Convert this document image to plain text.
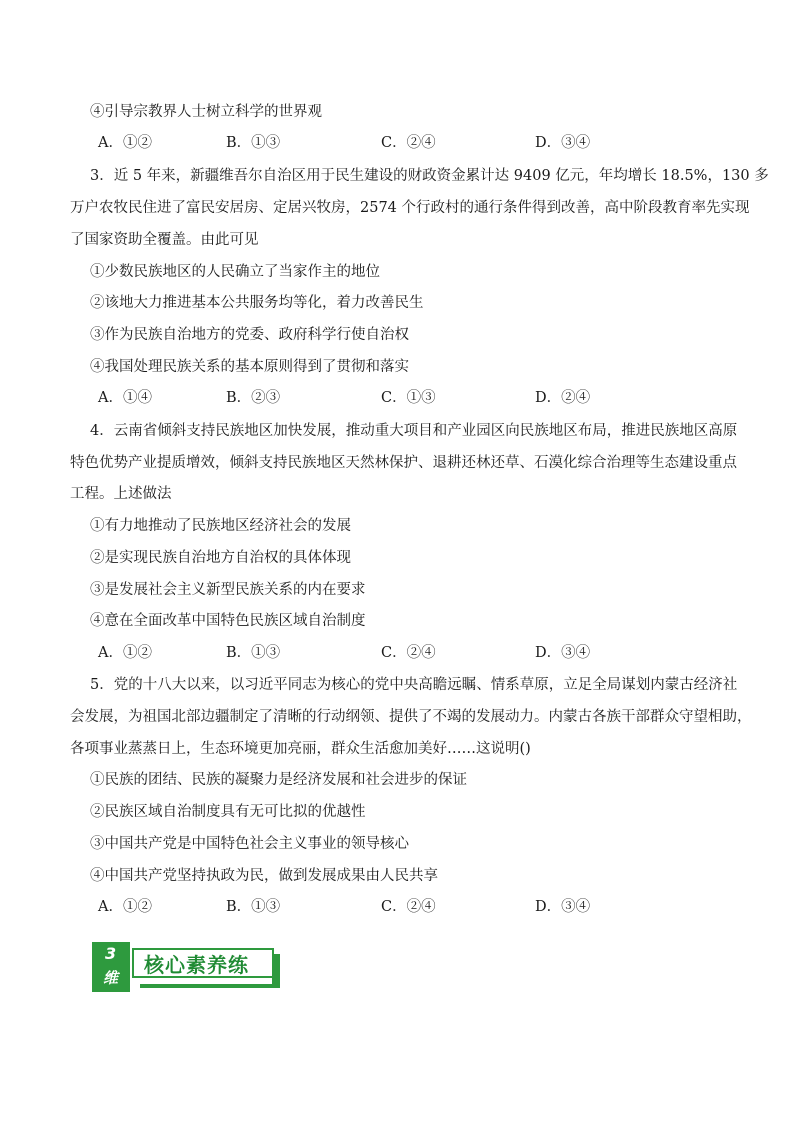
④引导宗教界人士树立科学的世界观
A．①②	B．①③	C．②④	D．③④
3．近 5 年来，新疆维吾尔自治区用于民生建设的财政资金累计达 9409 亿元，年均增长 18.5%，130 多
万户农牧民住进了富民安居房、定居兴牧房，2574 个行政村的通行条件得到改善，高中阶段教育率先实现
了国家资助全覆盖。由此可见
①少数民族地区的人民确立了当家作主的地位
②该地大力推进基本公共服务均等化，着力改善民生
③作为民族自治地方的党委、政府科学行使自治权
④我国处理民族关系的基本原则得到了贯彻和落实
A．①④	B．②③	C．①③	D．②④
4．云南省倾斜支持民族地区加快发展，推动重大项目和产业园区向民族地区布局，推进民族地区高原
特色优势产业提质增效，倾斜支持民族地区天然林保护、退耕还林还草、石漠化综合治理等生态建设重点
工程。上述做法
①有力地推动了民族地区经济社会的发展
②是实现民族自治地方自治权的具体体现
③是发展社会主义新型民族关系的内在要求
④意在全面改革中国特色民族区域自治制度
A．①②	B．①③	C．②④	D．③④
5．党的十八大以来，以习近平同志为核心的党中央高瞻远瞩、情系草原，立足全局谋划内蒙古经济社
会发展，为祖国北部边疆制定了清晰的行动纲领、提供了不竭的发展动力。内蒙古各族干部群众守望相助，
各项事业蒸蒸日上，生态环境更加亮丽，群众生活愈加美好……这说明()
①民族的团结、民族的凝聚力是经济发展和社会进步的保证
②民族区域自治制度具有无可比拟的优越性
③中国共产党是中国特色社会主义事业的领导核心
④中国共产党坚持执政为民，做到发展成果由人民共享
A．①②	B．①③	C．②④	D．③④
3
维
核心素养练
